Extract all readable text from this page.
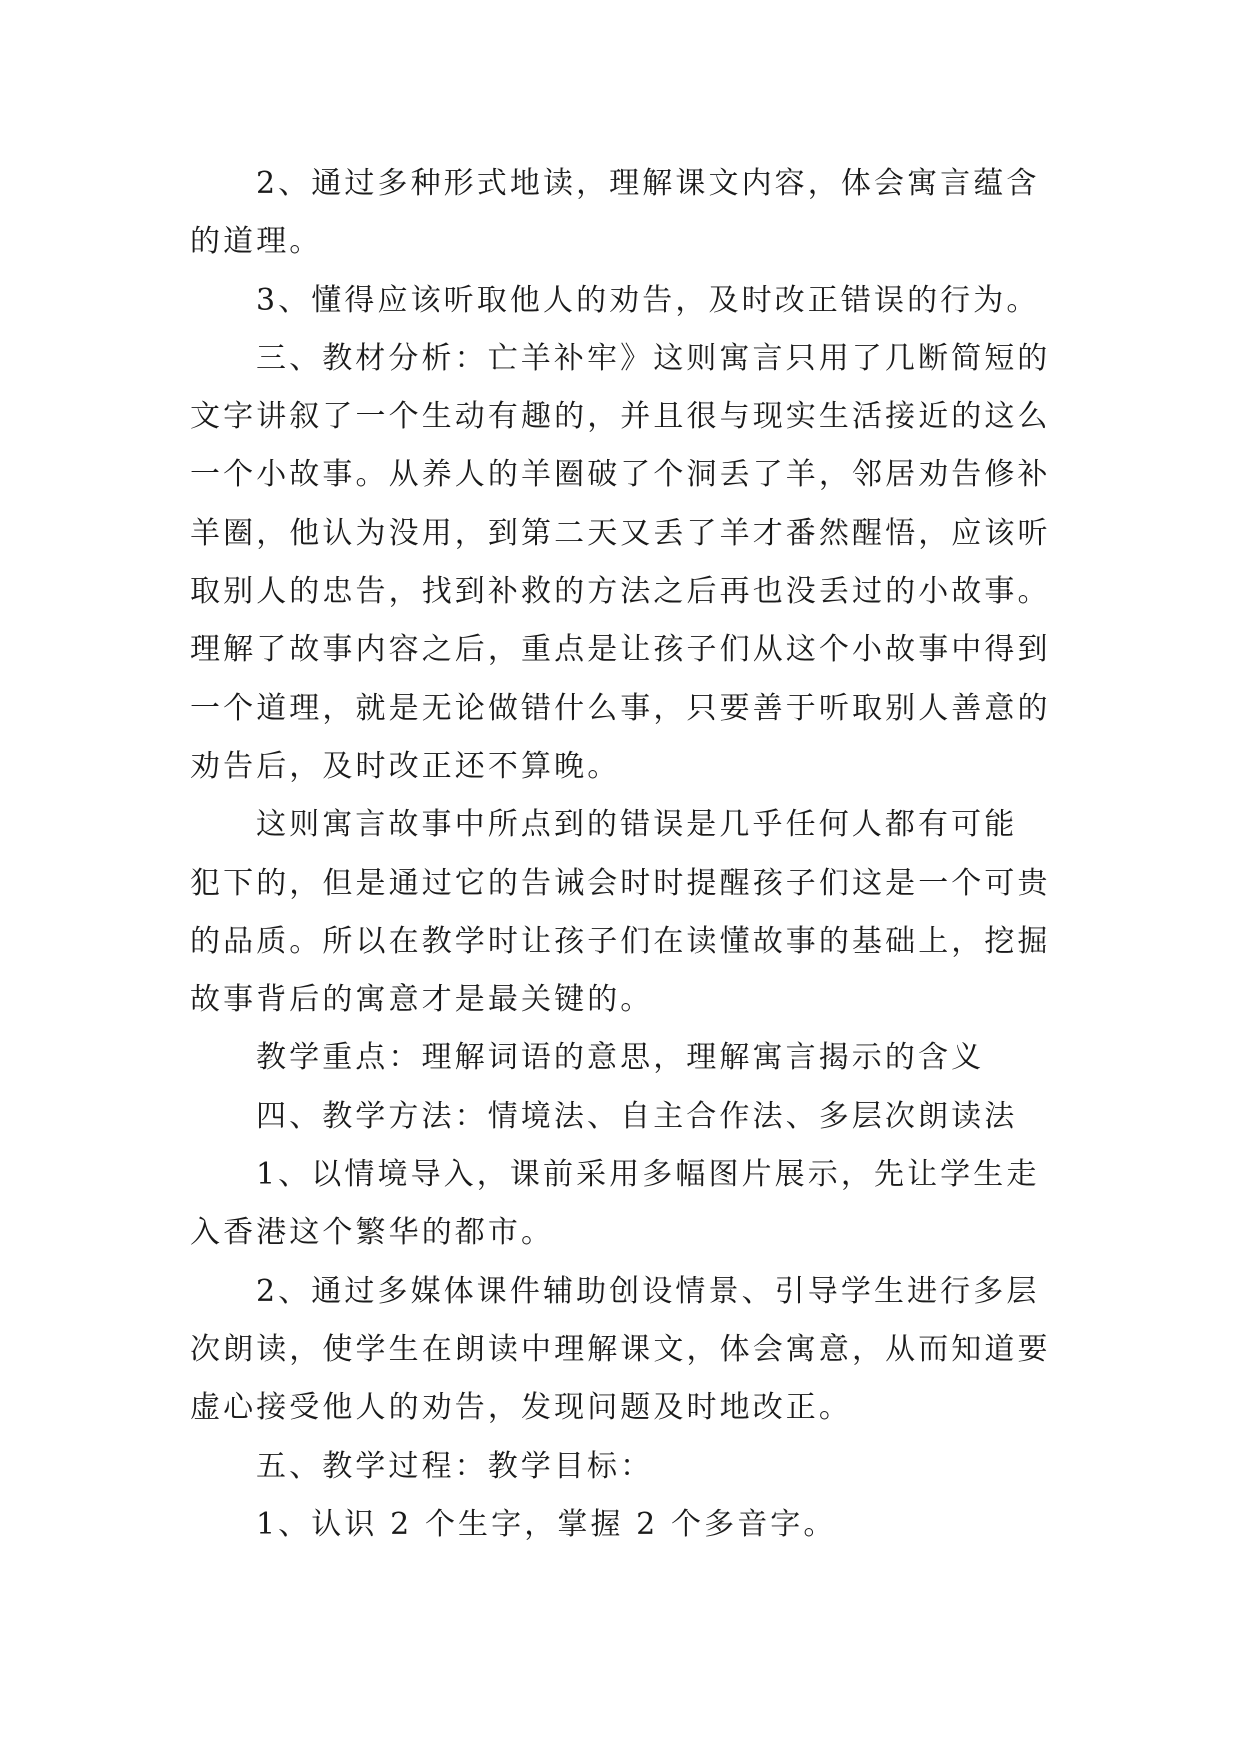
2、通过多种形式地读，理解课文内容，体会寓言蕴含
的道理。

3、懂得应该听取他人的劝告，及时改正错误的行为。

三、教材分析：亡羊补牢》这则寓言只用了几断简短的
文字讲叙了一个生动有趣的，并且很与现实生活接近的这么
一个小故事。从养人的羊圈破了个洞丢了羊，邻居劝告修补
羊圈，他认为没用，到第二天又丢了羊才番然醒悟，应该听
取别人的忠告，找到补救的方法之后再也没丢过的小故事。
理解了故事内容之后，重点是让孩子们从这个小故事中得到
一个道理，就是无论做错什么事，只要善于听取别人善意的
劝告后，及时改正还不算晚。

这则寓言故事中所点到的错误是几乎任何人都有可能
犯下的，但是通过它的告诫会时时提醒孩子们这是一个可贵
的品质。所以在教学时让孩子们在读懂故事的基础上，挖掘
故事背后的寓意才是最关键的。

教学重点：理解词语的意思，理解寓言揭示的含义

四、教学方法：情境法、自主合作法、多层次朗读法

1、以情境导入，课前采用多幅图片展示，先让学生走
入香港这个繁华的都市。

2、通过多媒体课件辅助创设情景、引导学生进行多层
次朗读，使学生在朗读中理解课文，体会寓意，从而知道要
虚心接受他人的劝告，发现问题及时地改正。

五、教学过程：教学目标：

1、认识 2 个生字，掌握 2 个多音字。
